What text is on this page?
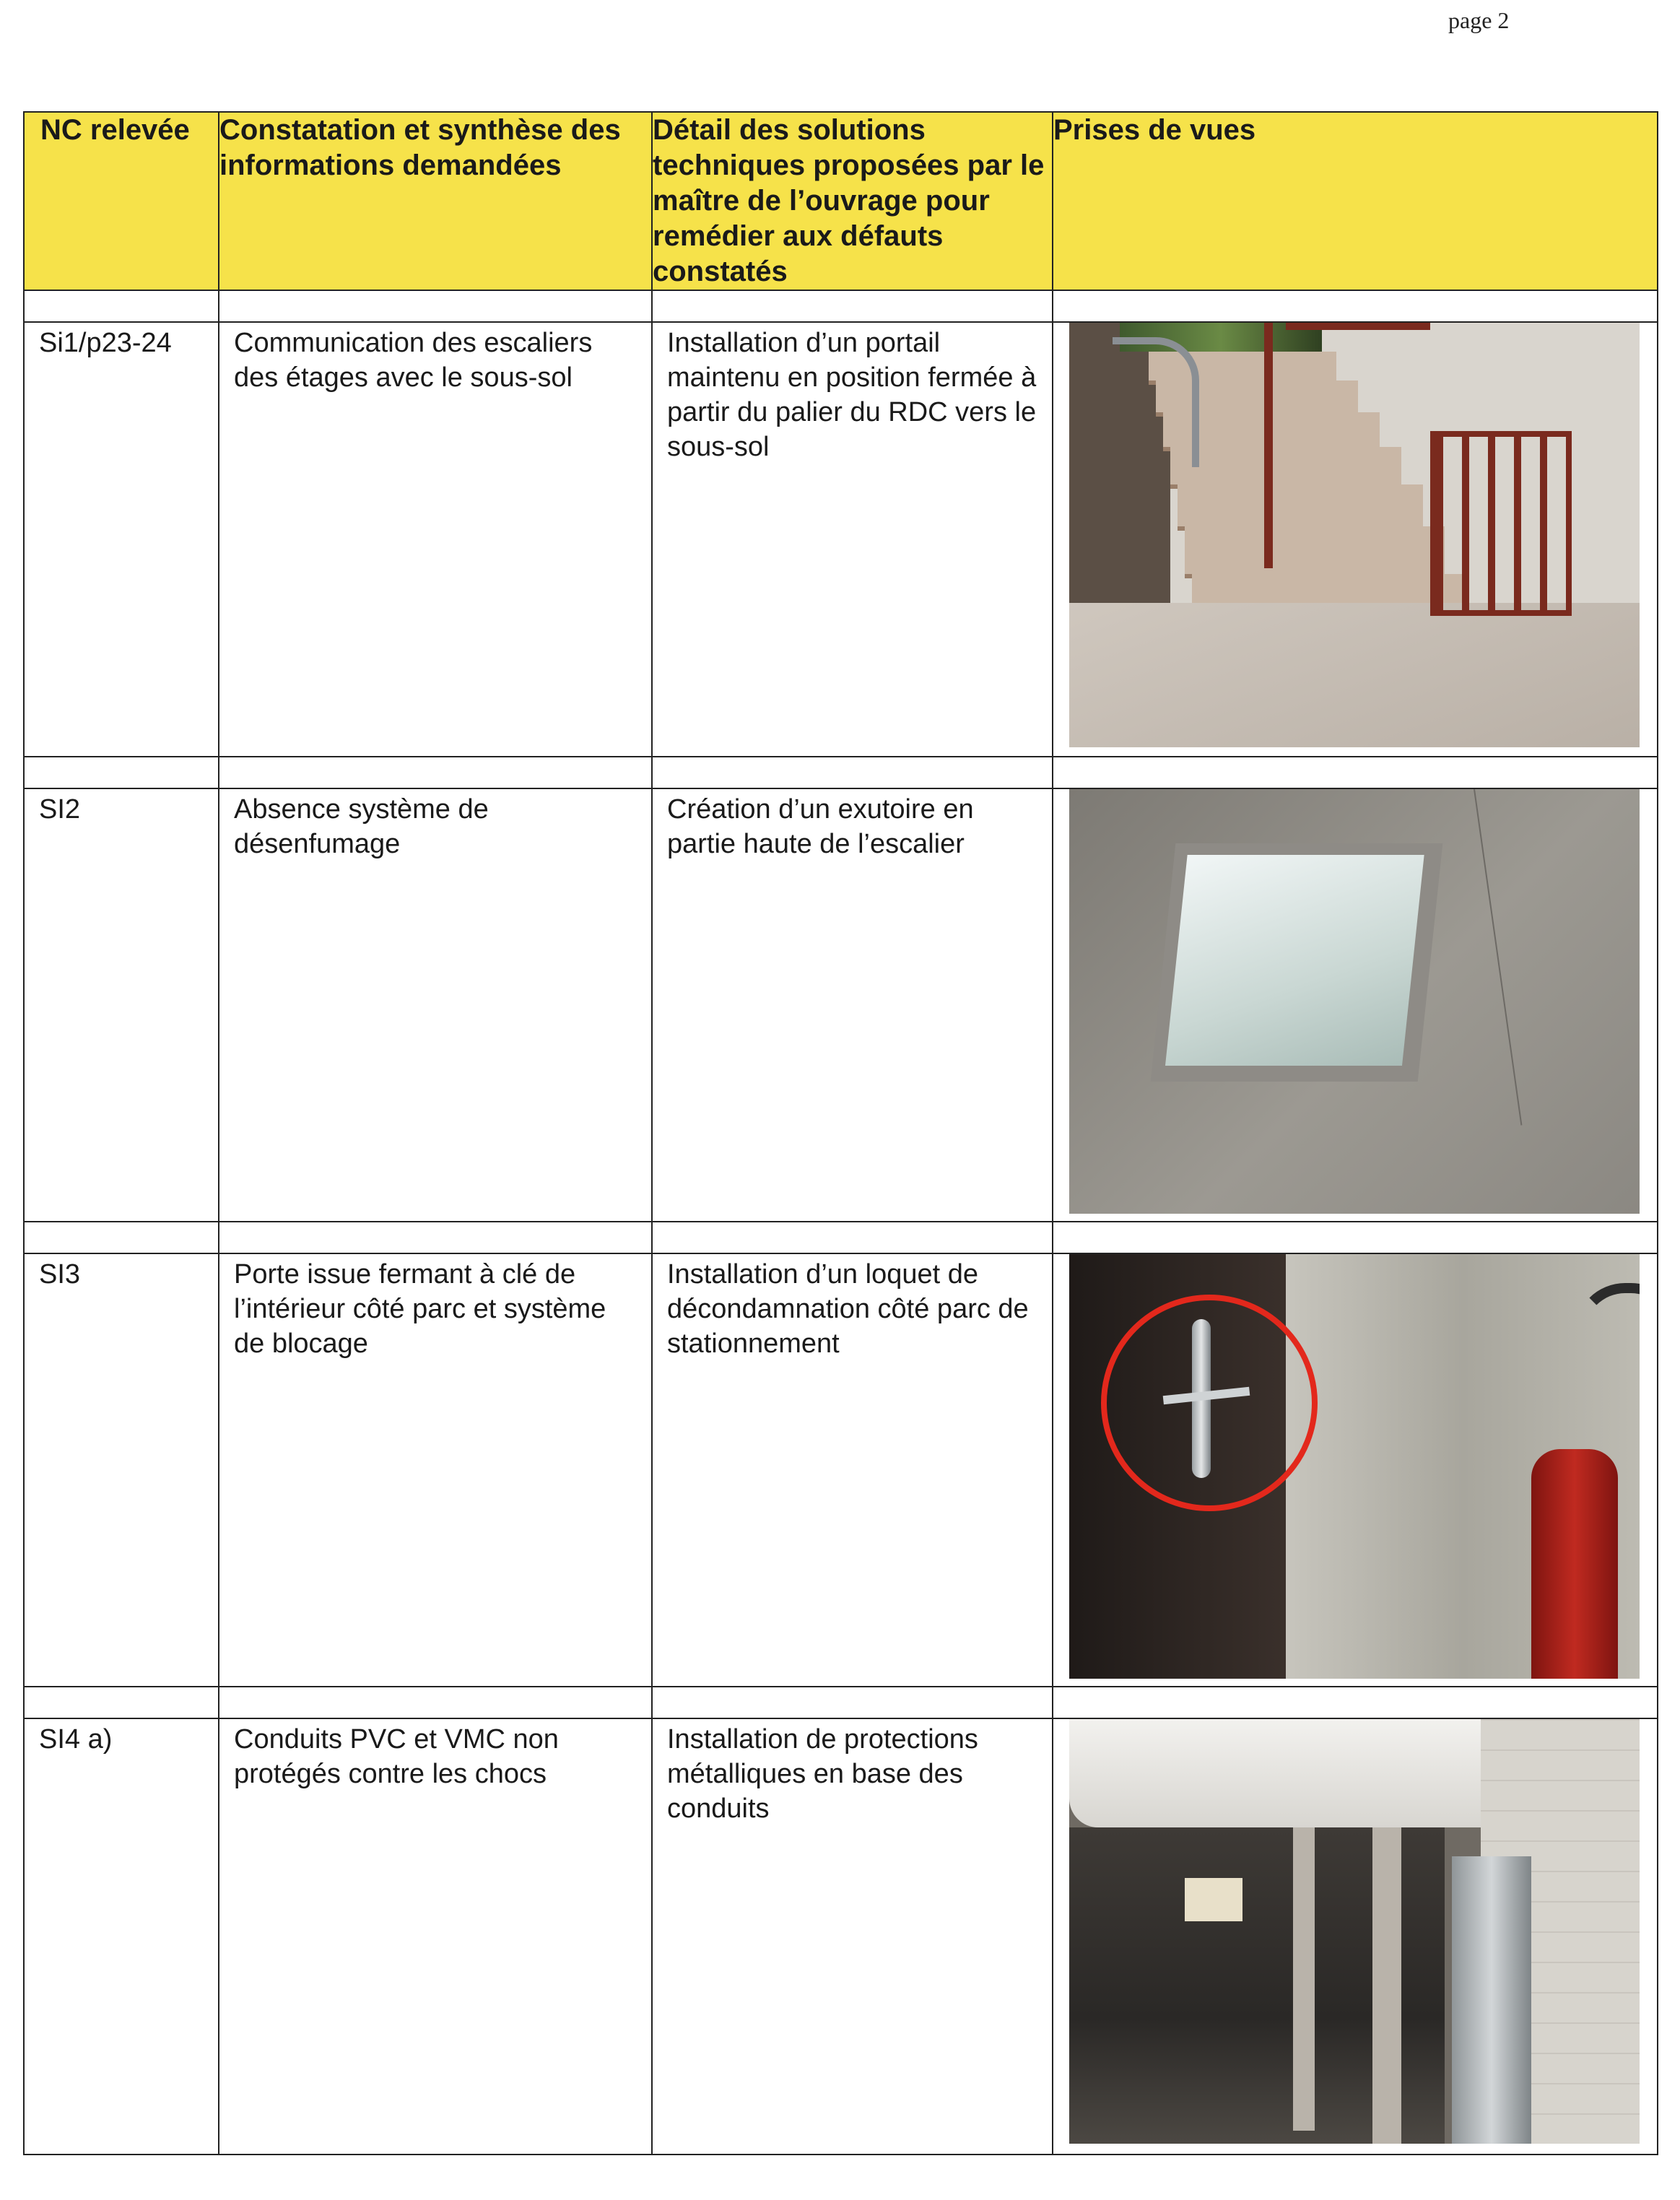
page 2
NC relevée	Constatation et synthèse des informations demandées	Détail des solutions techniques proposées par le maître de l’ouvrage pour remédier aux défauts constatés	Prises de vues

Si1/p23-24	Communication des escaliers des étages avec le sous-sol	Installation d’un portail maintenu en position fermée à partir du palier du RDC vers le sous-sol	

SI2	Absence système de désenfumage	Création d’un exutoire en partie haute de l’escalier	

SI3	Porte issue fermant à clé de l’intérieur côté parc et système de blocage	Installation d’un loquet de décondamnation côté parc de stationnement	

SI4 a)	Conduits PVC et VMC non protégés contre les chocs	Installation de protections métalliques en base des conduits	
